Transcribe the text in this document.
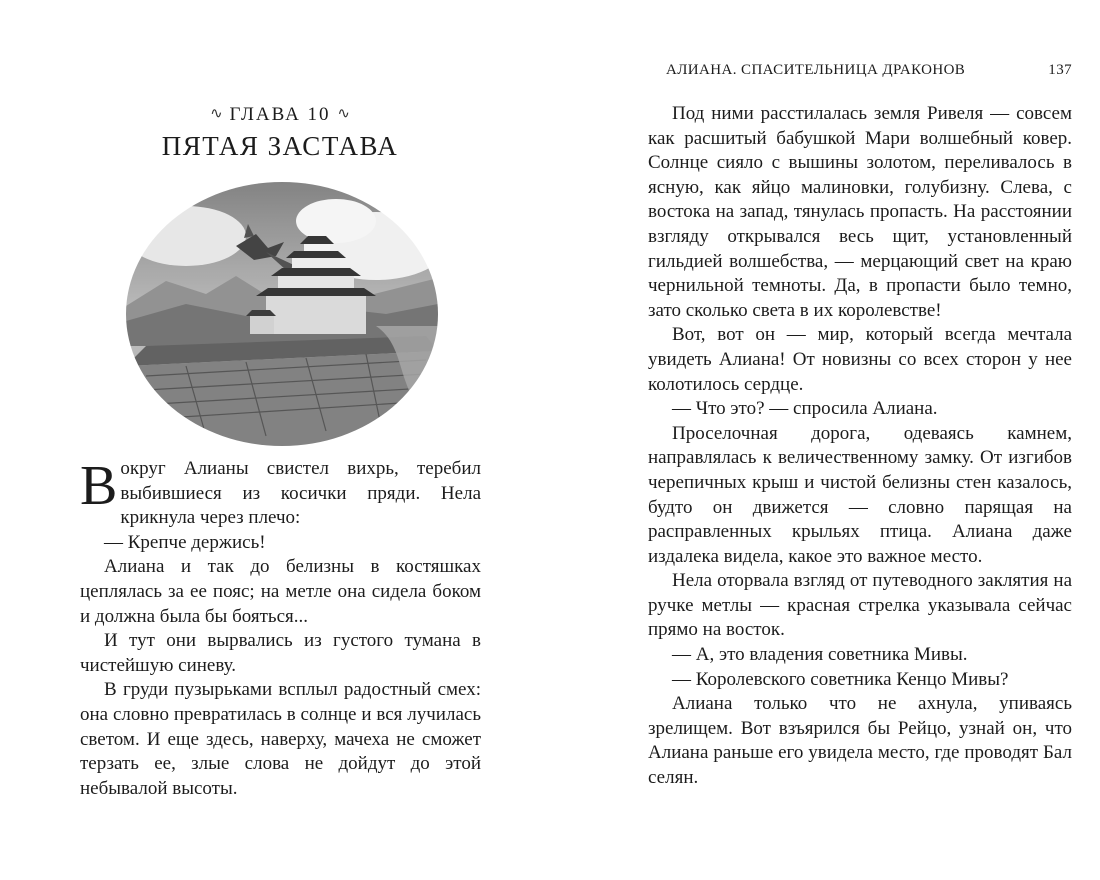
∿ ГЛАВА 10 ∿
ПЯТАЯ ЗАСТАВА

Вокруг Алианы свистел вихрь, теребил выбившиеся из косички пряди. Нела крикнула через плечо:

— Крепче держись!

Алиана и так до белизны в костяшках цеплялась за ее пояс; на метле она сидела боком и должна была бы бояться...

И тут они вырвались из густого тумана в чистейшую синеву.

В груди пузырьками всплыл радостный смех: она словно превратилась в солнце и вся лучилась светом. И еще здесь, наверху, мачеха не сможет терзать ее, злые слова не дойдут до этой небывалой высоты.

АЛИАНА. СПАСИТЕЛЬНИЦА ДРАКОНОВ	137

Под ними расстилалась земля Ривеля — совсем как расшитый бабушкой Мари волшебный ковер. Солнце сияло с вышины золотом, переливалось в ясную, как яйцо малиновки, голубизну. Слева, с востока на запад, тянулась пропасть. На расстоянии взгляду открывался весь щит, установленный гильдией волшебства, — мерцающий свет на краю чернильной темноты. Да, в пропасти было темно, зато сколько света в их королевстве!

Вот, вот он — мир, который всегда мечтала увидеть Алиана! От новизны со всех сторон у нее колотилось сердце.

— Что это? — спросила Алиана.

Проселочная дорога, одеваясь камнем, направлялась к величественному замку. От изгибов черепичных крыш и чистой белизны стен казалось, будто он движется — словно парящая на расправленных крыльях птица. Алиана даже издалека видела, какое это важное место.

Нела оторвала взгляд от путеводного заклятия на ручке метлы — красная стрелка указывала сейчас прямо на восток.

— А, это владения советника Мивы.

— Королевского советника Кенцо Мивы?

Алиана только что не ахнула, упиваясь зрелищем. Вот взъярился бы Рейцо, узнай он, что Алиана раньше его увидела место, где проводят Бал селян.
